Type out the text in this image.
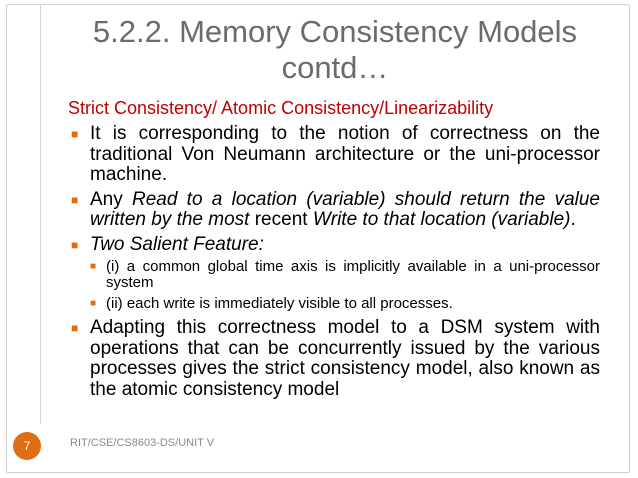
5.2.2. Memory Consistency Models
contd…
Strict Consistency/ Atomic Consistency/Linearizability
■ It is corresponding to the notion of correctness on the traditional Von Neumann architecture or the uni-processor machine.
■ Any Read to a location (variable) should return the value written by the most recent Write to that location (variable).
■ Two Salient Feature:
■ (i) a common global time axis is implicitly available in a uni-processor system
■ (ii) each write is immediately visible to all processes.
■ Adapting this correctness model to a DSM system with operations that can be concurrently issued by the various processes gives the strict consistency model, also known as the atomic consistency model
7	RIT/CSE/CS8603-DS/UNIT V
